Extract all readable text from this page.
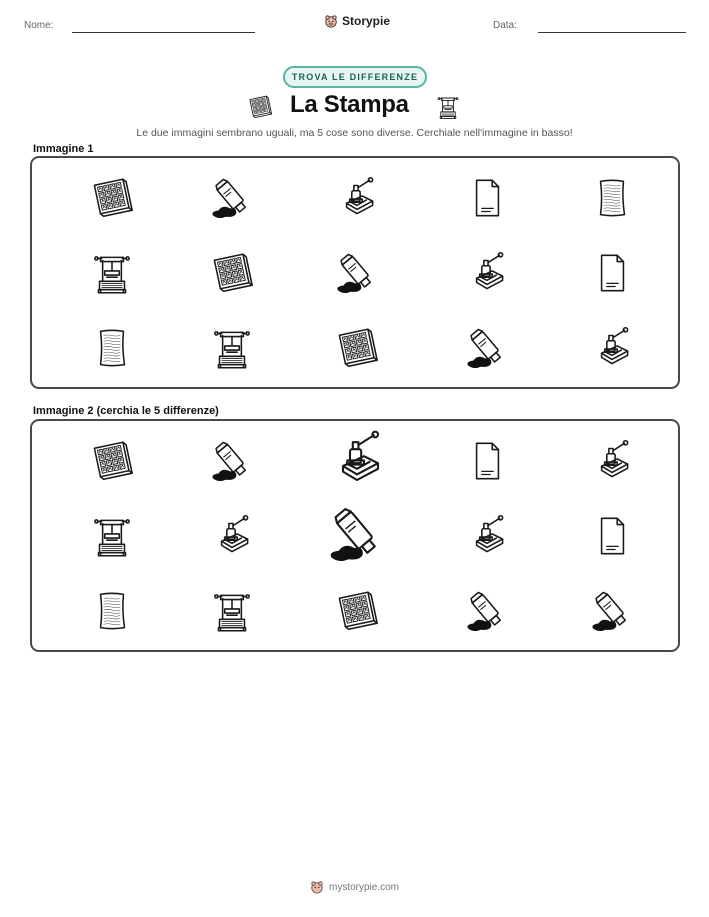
Nome:	Storypie	Data:
TROVA LE DIFFERENZE
La Stampa
Le due immagini sembrano uguali, ma 5 cose sono diverse. Cerchiale nell'immagine in basso!
Immagine 1
Immagine 2 (cerchia le 5 differenze)
mystorypie.com
